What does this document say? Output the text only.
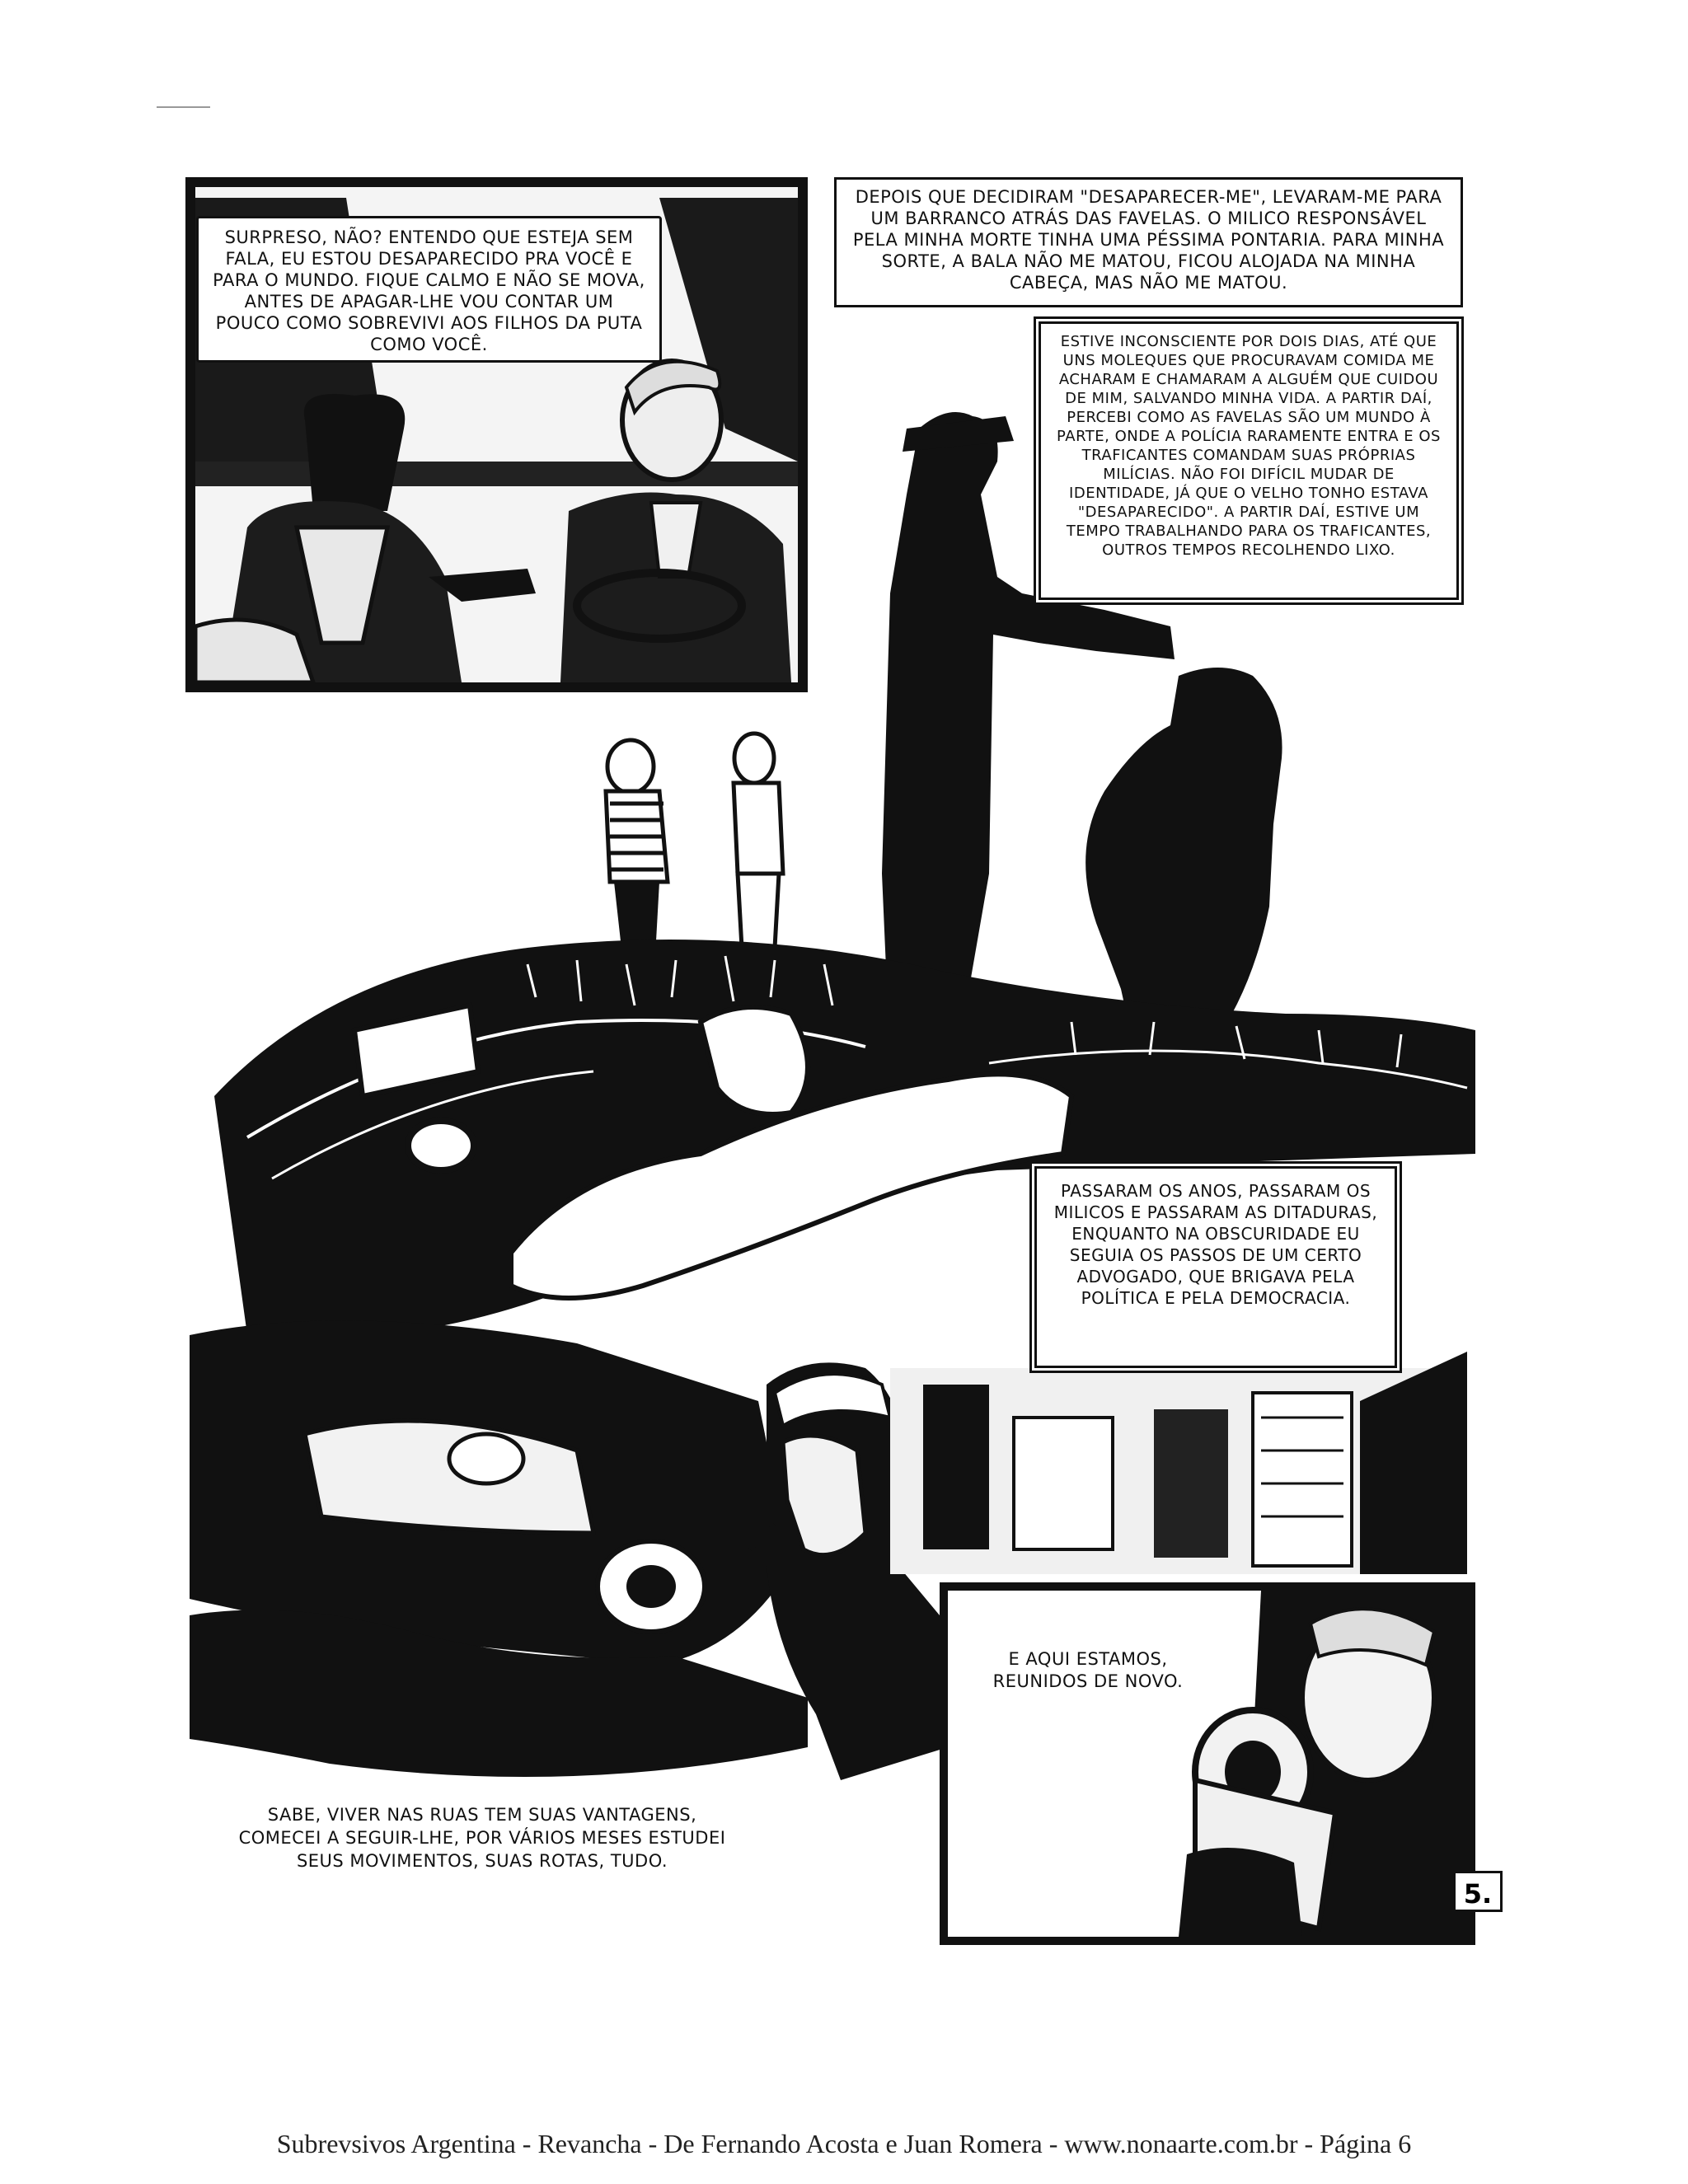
SURPRESO, NÃO? ENTENDO QUE ESTEJA SEM FALA, EU ESTOU DESAPARECIDO PRA VOCÊ E PARA O MUNDO. FIQUE CALMO E NÃO SE MOVA, ANTES DE APAGAR-LHE VOU CONTAR UM POUCO COMO SOBREVIVI AOS FILHOS DA PUTA COMO VOCÊ.
DEPOIS QUE DECIDIRAM "DESAPARECER-ME", LEVARAM-ME PARA UM BARRANCO ATRÁS DAS FAVELAS. O MILICO RESPONSÁVEL PELA MINHA MORTE TINHA UMA PÉSSIMA PONTARIA. PARA MINHA SORTE, A BALA NÃO ME MATOU, FICOU ALOJADA NA MINHA CABEÇA, MAS NÃO ME MATOU.
ESTIVE INCONSCIENTE POR DOIS DIAS, ATÉ QUE UNS MOLEQUES QUE PROCURAVAM COMIDA ME ACHARAM E CHAMARAM A ALGUÉM QUE CUIDOU DE MIM, SALVANDO MINHA VIDA. A PARTIR DAÍ, PERCEBI COMO AS FAVELAS SÃO UM MUNDO À PARTE, ONDE A POLÍCIA RARAMENTE ENTRA E OS TRAFICANTES COMANDAM SUAS PRÓPRIAS MILÍCIAS. NÃO FOI DIFÍCIL MUDAR DE IDENTIDADE, JÁ QUE O VELHO TONHO ESTAVA "DESAPARECIDO". A PARTIR DAÍ, ESTIVE UM TEMPO TRABALHANDO PARA OS TRAFICANTES, OUTROS TEMPOS RECOLHENDO LIXO.
PASSARAM OS ANOS, PASSARAM OS MILICOS E PASSARAM AS DITADURAS, ENQUANTO NA OBSCURIDADE EU SEGUIA OS PASSOS DE UM CERTO ADVOGADO, QUE BRIGAVA PELA POLÍTICA E PELA DEMOCRACIA.
SABE, VIVER NAS RUAS TEM SUAS VANTAGENS, COMECEI A SEGUIR-LHE, POR VÁRIOS MESES ESTUDEI SEUS MOVIMENTOS, SUAS ROTAS, TUDO.
E AQUI ESTAMOS, REUNIDOS DE NOVO.
5.
Subrevsivos Argentina - Revancha - De Fernando Acosta e Juan Romera - www.nonaarte.com.br - Página 6
